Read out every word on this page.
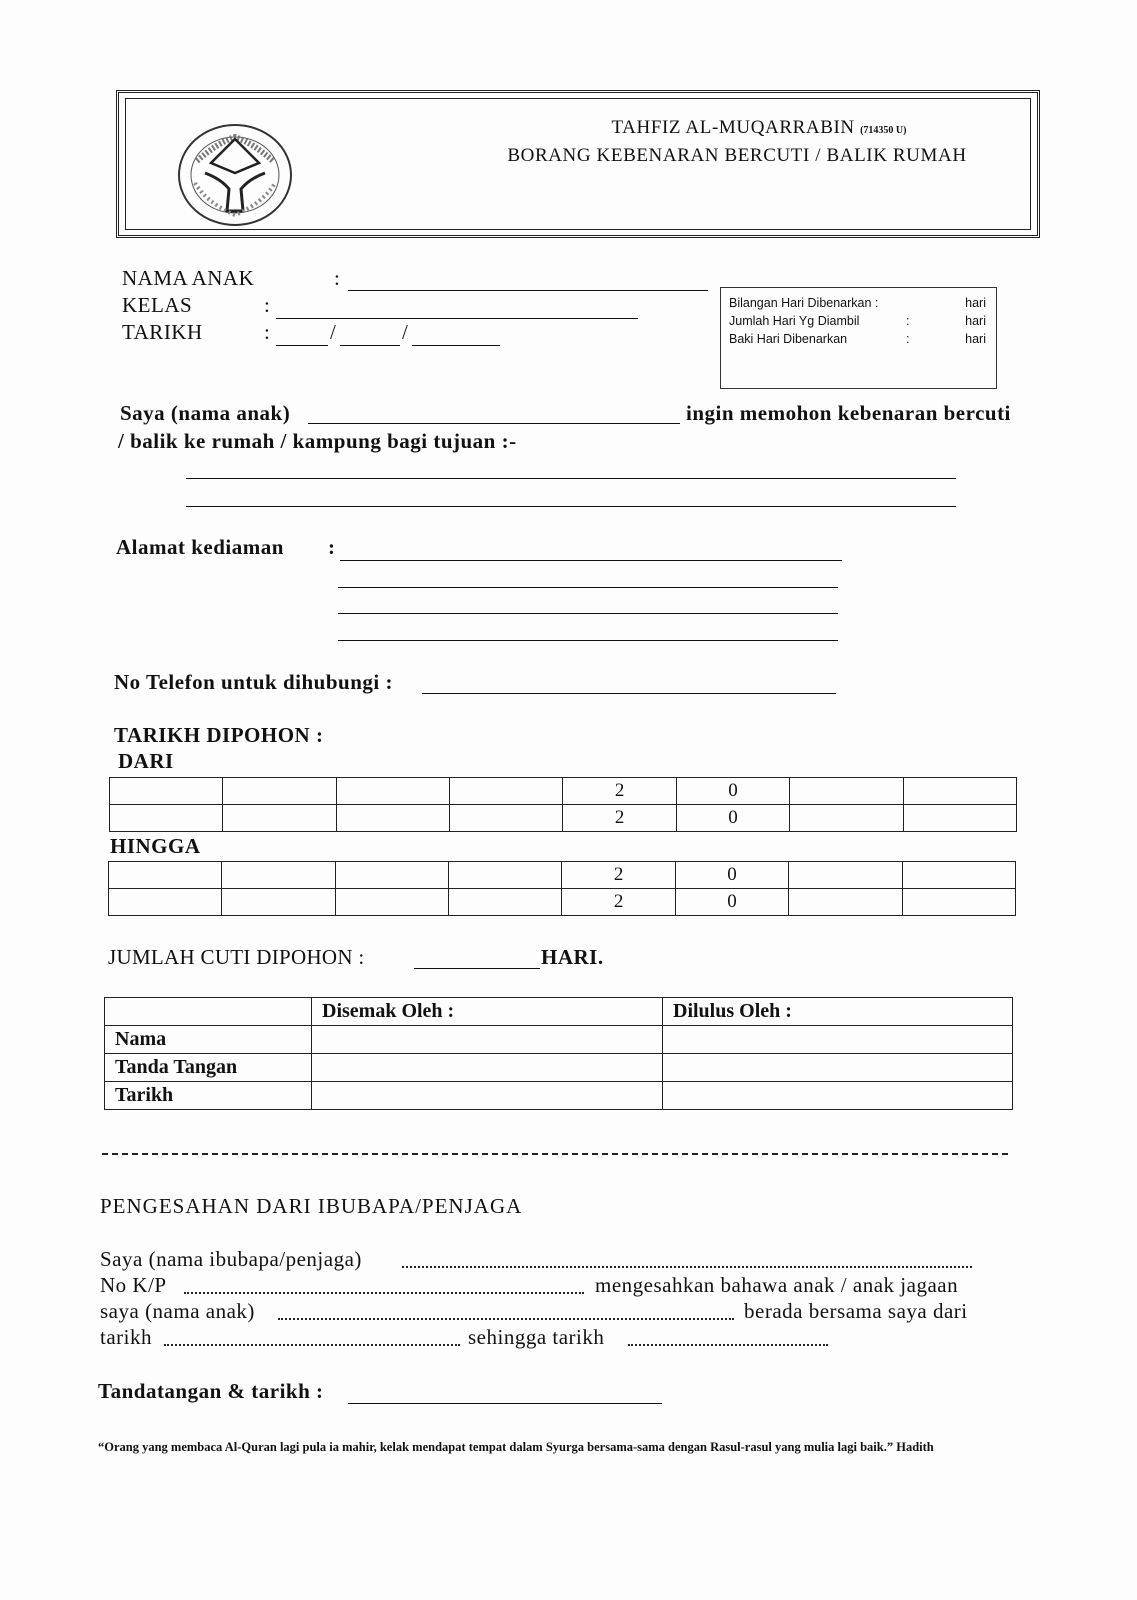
TAHFIZ AL-MUQARRABIN (714350 U)
BORANG KEBENARAN BERCUTI / BALIK RUMAH
NAMA ANAK	:
KELAS	:
TARIKH	:	/	/
Bilangan Hari Dibenarkan :	hari
Jumlah Hari Yg Diambil	:	hari
Baki Hari Dibenarkan	:	hari
Saya (nama anak)	ingin memohon kebenaran bercuti
/ balik ke rumah / kampung bagi tujuan :-
Alamat kediaman :
No Telefon untuk dihubungi :
TARIKH DIPOHON :
DARI
				2	0		
				2	0		
HINGGA
				2	0		
				2	0		
JUMLAH CUTI DIPOHON :	HARI.
	Disemak Oleh :	Dilulus Oleh :
Nama		
Tanda Tangan		
Tarikh		
PENGESAHAN DARI IBUBAPA/PENJAGA
Saya (nama ibubapa/penjaga)
No K/P	mengesahkan bahawa anak / anak jagaan
saya (nama anak)	berada bersama saya dari
tarikh	sehingga tarikh
Tandatangan & tarikh :
“Orang yang membaca Al-Quran lagi pula ia mahir, kelak mendapat tempat dalam Syurga bersama-sama dengan Rasul-rasul yang mulia lagi baik.” Hadith
